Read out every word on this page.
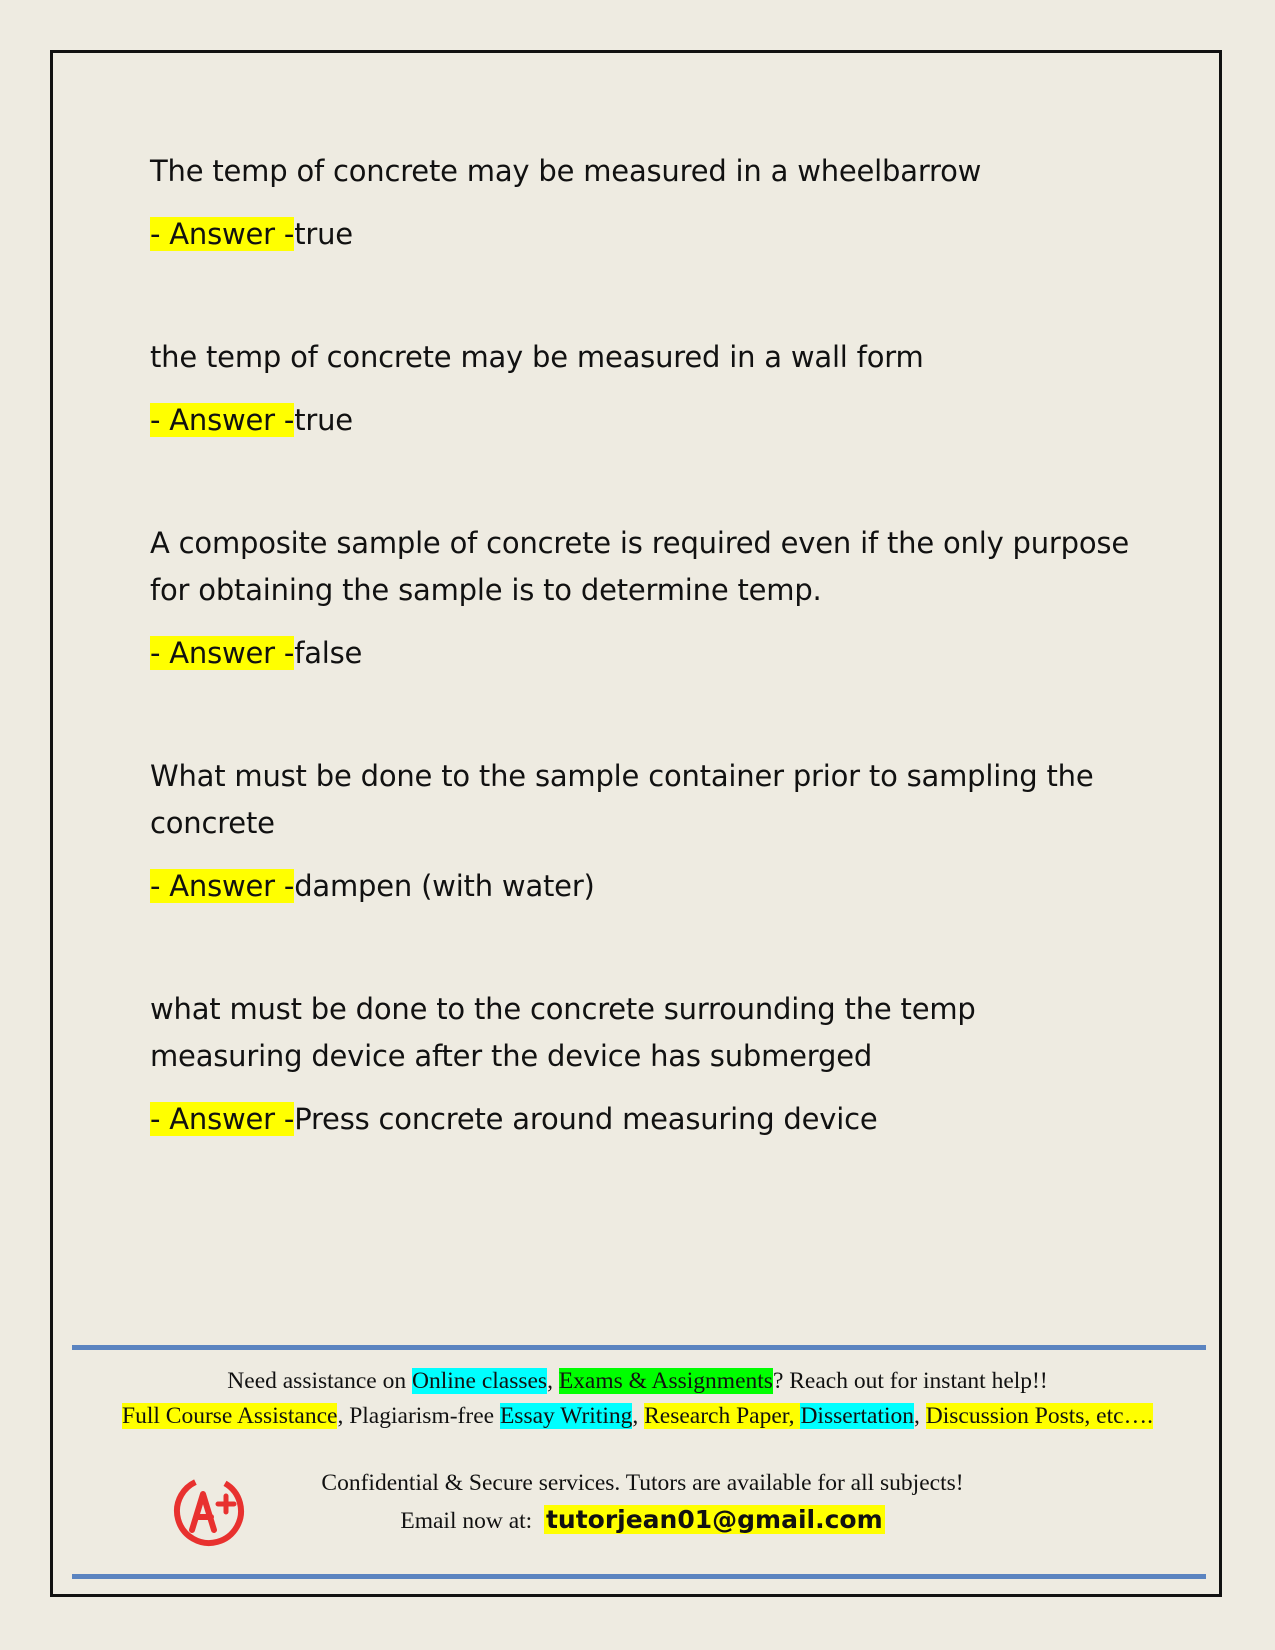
The temp of concrete may be measured in a wheelbarrow

- Answer -true

the temp of concrete may be measured in a wall form

- Answer -true

A composite sample of concrete is required even if the only purpose for obtaining the sample is to determine temp.

- Answer -false

What must be done to the sample container prior to sampling the concrete

- Answer -dampen (with water)

what must be done to the concrete surrounding the temp measuring device after the device has submerged

- Answer -Press concrete around measuring device
Need assistance on Online classes, Exams & Assignments? Reach out for instant help!!
Full Course Assistance, Plagiarism-free Essay Writing, Research Paper, Dissertation, Discussion Posts, etc….
Confidential & Secure services. Tutors are available for all subjects!
Email now at: tutorjean01@gmail.com
